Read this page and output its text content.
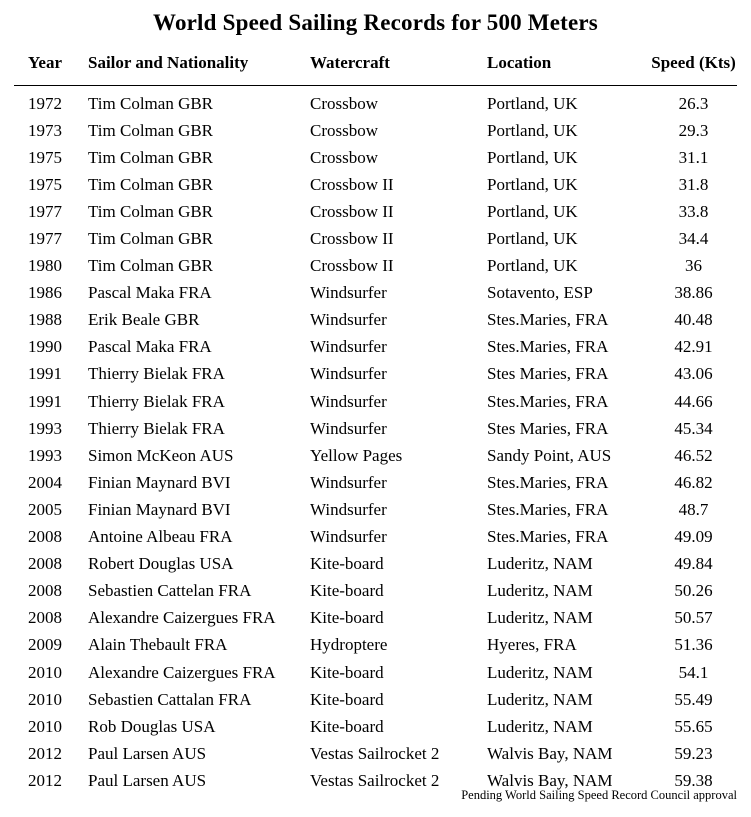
World Speed Sailing Records for 500 Meters
Year	Sailor and Nationality	Watercraft	Location	Speed (Kts)
1972	Tim Colman GBR	Crossbow	Portland, UK	26.3
1973	Tim Colman GBR	Crossbow	Portland, UK	29.3
1975	Tim Colman GBR	Crossbow	Portland, UK	31.1
1975	Tim Colman GBR	Crossbow II	Portland, UK	31.8
1977	Tim Colman GBR	Crossbow II	Portland, UK	33.8
1977	Tim Colman GBR	Crossbow II	Portland, UK	34.4
1980	Tim Colman GBR	Crossbow II	Portland, UK	36
1986	Pascal Maka FRA	Windsurfer	Sotavento, ESP	38.86
1988	Erik Beale GBR	Windsurfer	Stes.Maries, FRA	40.48
1990	Pascal Maka FRA	Windsurfer	Stes.Maries, FRA	42.91
1991	Thierry Bielak FRA	Windsurfer	Stes Maries, FRA	43.06
1991	Thierry Bielak FRA	Windsurfer	Stes.Maries, FRA	44.66
1993	Thierry Bielak FRA	Windsurfer	Stes Maries, FRA	45.34
1993	Simon McKeon AUS	Yellow Pages	Sandy Point, AUS	46.52
2004	Finian Maynard BVI	Windsurfer	Stes.Maries, FRA	46.82
2005	Finian Maynard BVI	Windsurfer	Stes.Maries, FRA	48.7
2008	Antoine Albeau FRA	Windsurfer	Stes.Maries, FRA	49.09
2008	Robert Douglas USA	Kite-board	Luderitz, NAM	49.84
2008	Sebastien Cattelan FRA	Kite-board	Luderitz, NAM	50.26
2008	Alexandre Caizergues FRA	Kite-board	Luderitz, NAM	50.57
2009	Alain Thebault FRA	Hydroptere	Hyeres, FRA	51.36
2010	Alexandre Caizergues FRA	Kite-board	Luderitz, NAM	54.1
2010	Sebastien Cattalan FRA	Kite-board	Luderitz, NAM	55.49
2010	Rob Douglas USA	Kite-board	Luderitz, NAM	55.65
2012	Paul Larsen AUS	Vestas Sailrocket 2	Walvis Bay, NAM	59.23
2012	Paul Larsen AUS	Vestas Sailrocket 2	Walvis Bay, NAM	59.38
Pending World Sailing Speed Record Council approval
